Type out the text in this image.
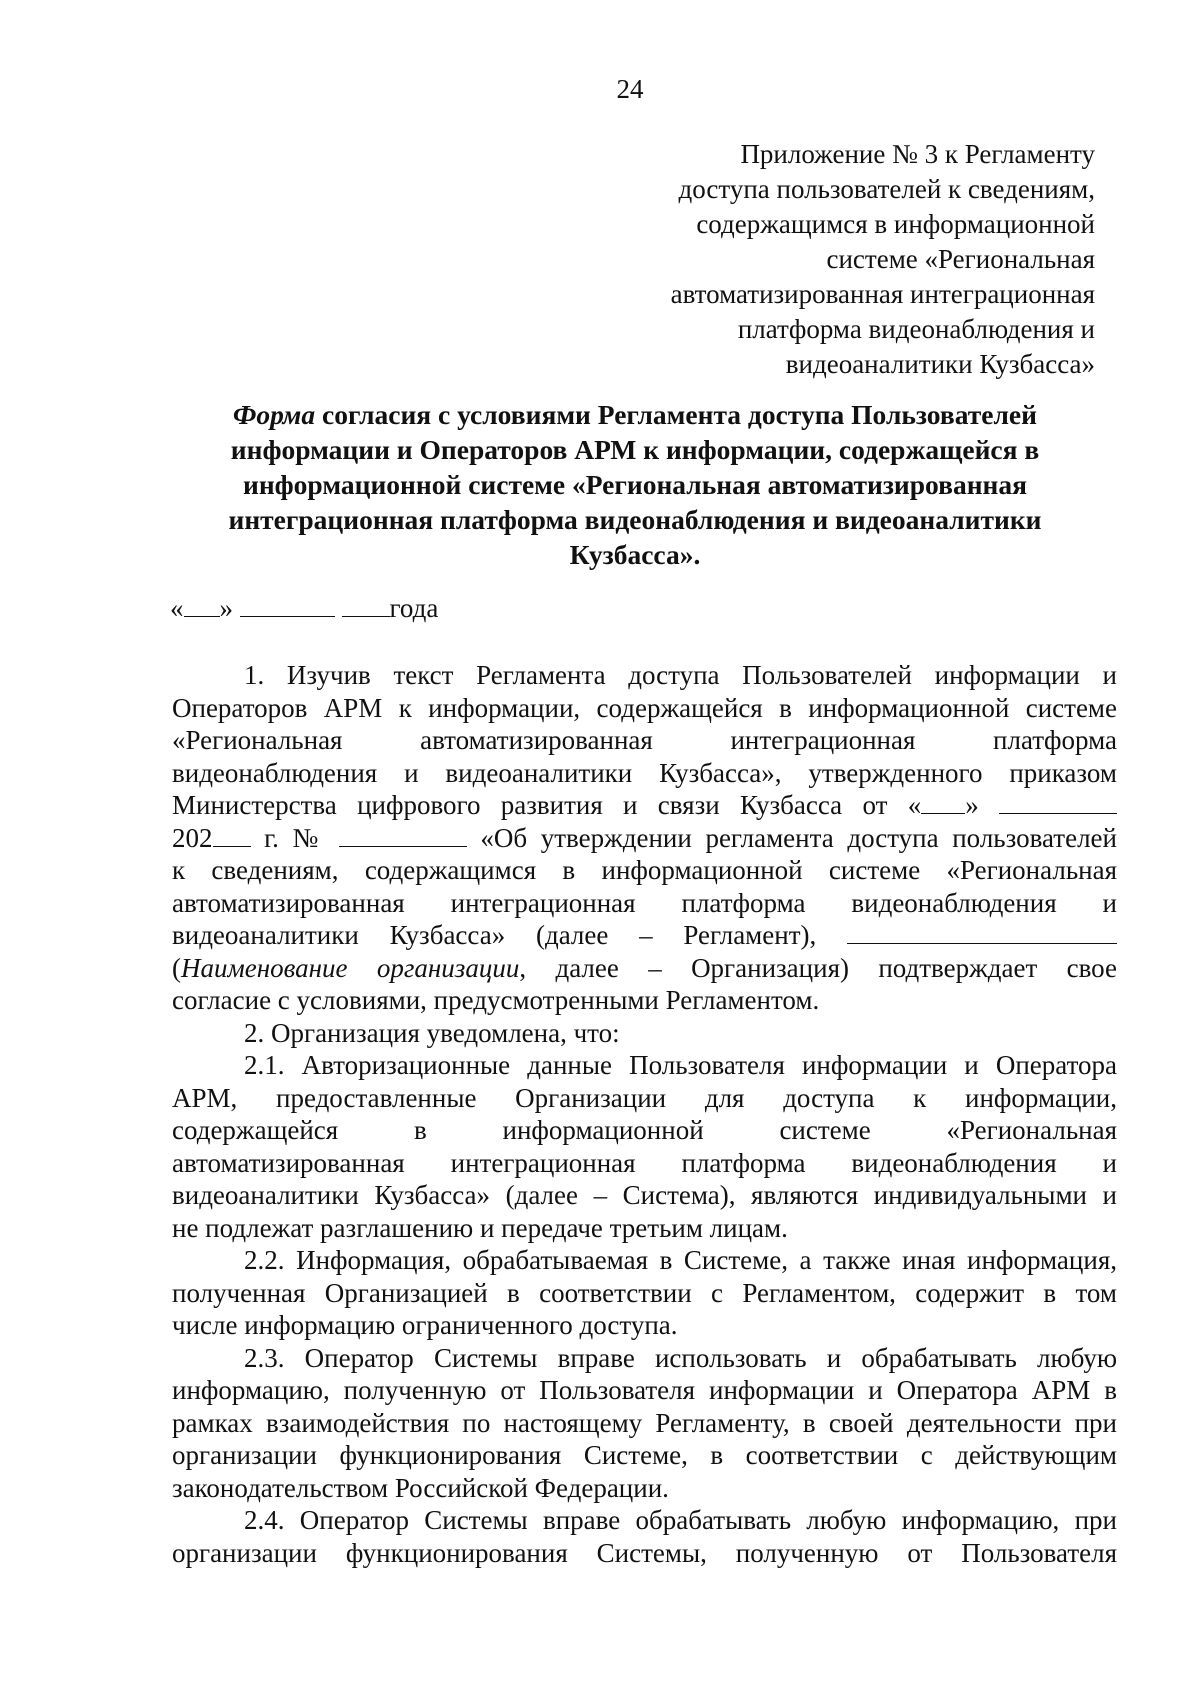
24
Приложение № 3 к Регламенту
доступа пользователей к сведениям,
содержащимся в информационной
системе «Региональная
автоматизированная интеграционная
платформа видеонаблюдения и
видеоаналитики Кузбасса»
Форма согласия с условиями Регламента доступа Пользователей
информации и Операторов АРМ к информации, содержащейся в
информационной системе «Региональная автоматизированная
интеграционная платформа видеонаблюдения и видеоаналитики
Кузбасса».
« »	года
1. Изучив текст Регламента доступа Пользователей информации и
Операторов АРМ к информации, содержащейся в информационной системе
«Региональная	автоматизированная	интеграционная	платформа
видеонаблюдения и видеоаналитики Кузбасса», утвержденного приказом
Министерства цифрового развития и связи Кузбасса от « »
202 г. №	«Об утверждении регламента доступа пользователей
к сведениям, содержащимся в информационной системе «Региональная
автоматизированная интеграционная платформа видеонаблюдения и
видеоаналитики Кузбасса» (далее – Регламент),
(Наименование организации, далее – Организация) подтверждает свое
согласие с условиями, предусмотренными Регламентом.
2. Организация уведомлена, что:
2.1. Авторизационные данные Пользователя информации и Оператора
АРМ, предоставленные Организации для доступа к информации,
содержащейся в информационной системе «Региональная
автоматизированная интеграционная платформа видеонаблюдения и
видеоаналитики Кузбасса» (далее – Система), являются индивидуальными и
не подлежат разглашению и передаче третьим лицам.
2.2. Информация, обрабатываемая в Системе, а также иная информация,
полученная Организацией в соответствии с Регламентом, содержит в том
числе информацию ограниченного доступа.
2.3. Оператор Системы вправе использовать и обрабатывать любую
информацию, полученную от Пользователя информации и Оператора АРМ в
рамках взаимодействия по настоящему Регламенту, в своей деятельности при
организации функционирования Системе, в соответствии с действующим
законодательством Российской Федерации.
2.4. Оператор Системы вправе обрабатывать любую информацию, при
организации функционирования Системы, полученную от Пользователя
